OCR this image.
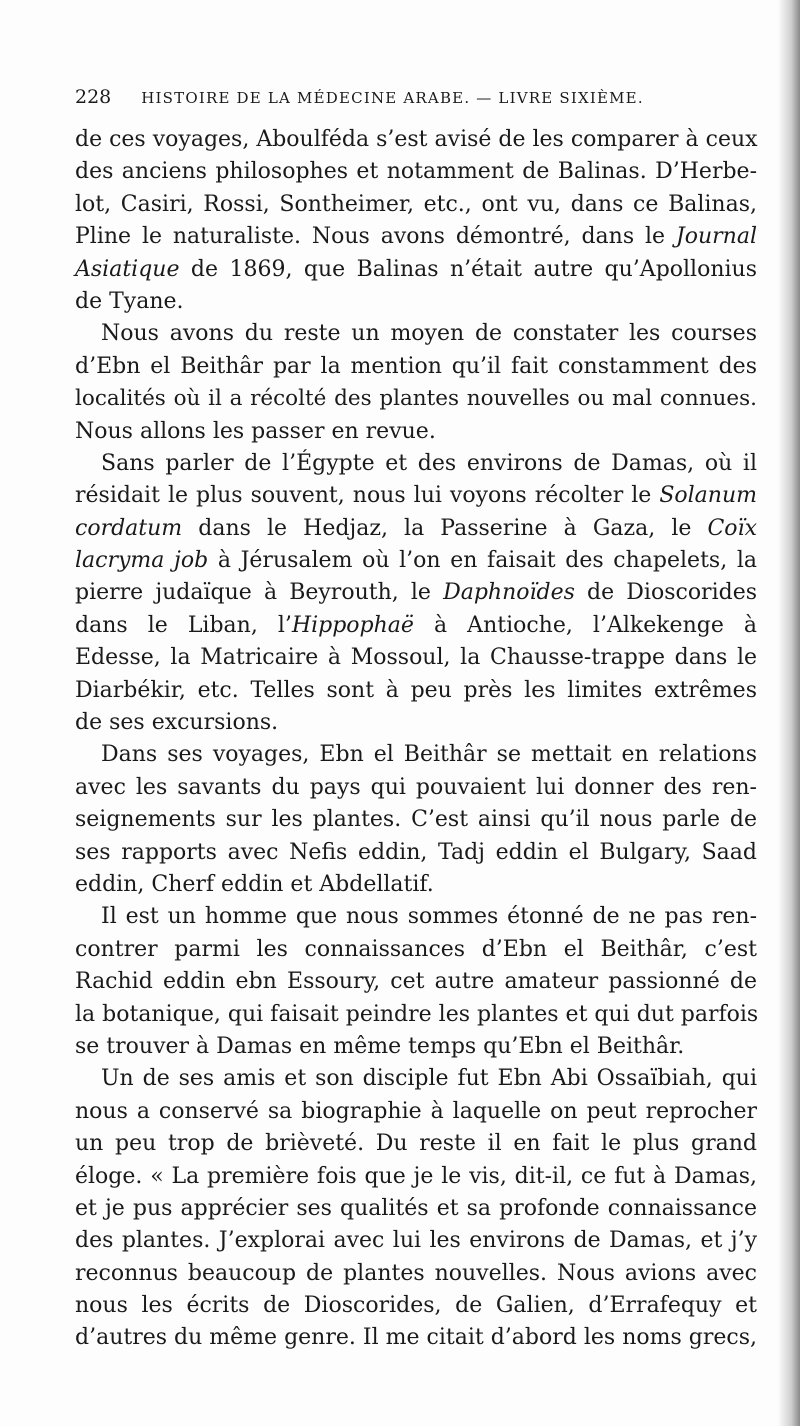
228 HISTOIRE DE LA MÉDECINE ARABE. — LIVRE SIXIÈME.
de ces voyages, Aboulféda s’est avisé de les comparer à ceux
des anciens philosophes et notamment de Balinas. D’Herbe-
lot, Casiri, Rossi, Sontheimer, etc., ont vu, dans ce Balinas,
Pline le naturaliste. Nous avons démontré, dans le Journal
Asiatique de 1869, que Balinas n’était autre qu’Apollonius
de Tyane.
Nous avons du reste un moyen de constater les courses
d’Ebn el Beithâr par la mention qu’il fait constamment des
localités où il a récolté des plantes nouvelles ou mal connues.
Nous allons les passer en revue.
Sans parler de l’Égypte et des environs de Damas, où il
résidait le plus souvent, nous lui voyons récolter le Solanum
cordatum dans le Hedjaz, la Passerine à Gaza, le Coïx
lacryma job à Jérusalem où l’on en faisait des chapelets, la
pierre judaïque à Beyrouth, le Daphnoïdes de Dioscorides
dans le Liban, l’Hippophaë à Antioche, l’Alkekenge à
Edesse, la Matricaire à Mossoul, la Chausse-trappe dans le
Diarbékir, etc. Telles sont à peu près les limites extrêmes
de ses excursions.
Dans ses voyages, Ebn el Beithâr se mettait en relations
avec les savants du pays qui pouvaient lui donner des ren-
seignements sur les plantes. C’est ainsi qu’il nous parle de
ses rapports avec Nefis eddin, Tadj eddin el Bulgary, Saad
eddin, Cherf eddin et Abdellatif.
Il est un homme que nous sommes étonné de ne pas ren-
contrer parmi les connaissances d’Ebn el Beithâr, c’est
Rachid eddin ebn Essoury, cet autre amateur passionné de
la botanique, qui faisait peindre les plantes et qui dut parfois
se trouver à Damas en même temps qu’Ebn el Beithâr.
Un de ses amis et son disciple fut Ebn Abi Ossaïbiah, qui
nous a conservé sa biographie à laquelle on peut reprocher
un peu trop de brièveté. Du reste il en fait le plus grand
éloge. « La première fois que je le vis, dit-il, ce fut à Damas,
et je pus apprécier ses qualités et sa profonde connaissance
des plantes. J’explorai avec lui les environs de Damas, et j’y
reconnus beaucoup de plantes nouvelles. Nous avions avec
nous les écrits de Dioscorides, de Galien, d’Errafequy et
d’autres du même genre. Il me citait d’abord les noms grecs,
